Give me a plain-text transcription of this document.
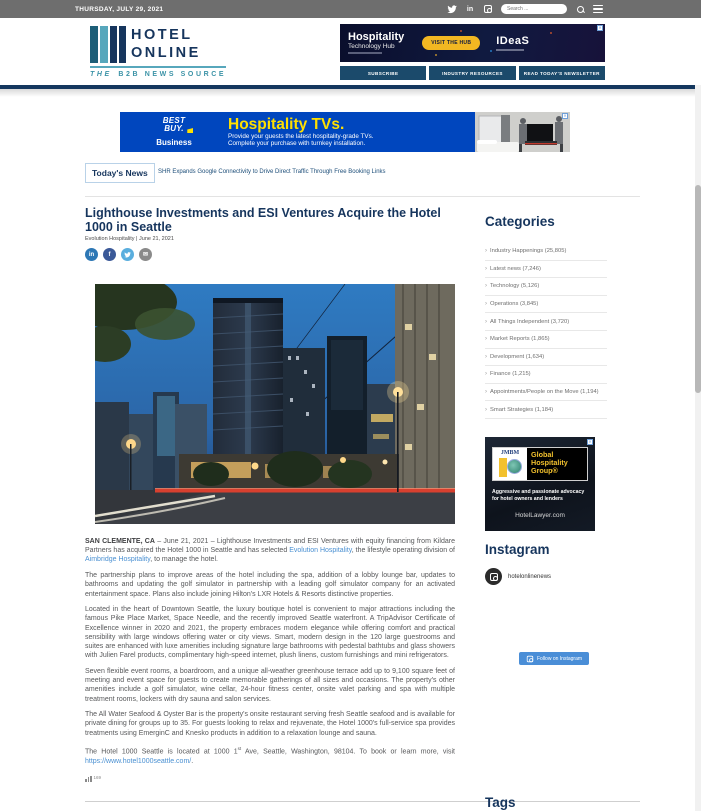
THURSDAY, JULY 29, 2021	in
Search ...
HOTEL
ONLINE
THE B2B NEWS SOURCE
Hospitality
Technology Hub	VISIT THE HUB	IDeaS
✕
SUBSCRIBE	INDUSTRY RESOURCES	READ TODAY'S NEWSLETTER
BEST
BUY.
Business
Hospitality TVs.
Provide your guests the latest hospitality-grade TVs.
Complete your purchase with turnkey installation.
✕
Today's News	SHR Expands Google Connectivity to Drive Direct Traffic Through Free Booking Links
Lighthouse Investments and ESI Ventures Acquire the Hotel 1000 in Seattle
Evolution Hospitality | June 21, 2021
in	f	✉

SAN CLEMENTE, CA – June 21, 2021 – Lighthouse Investments and ESI Ventures with equity financing from Kildare Partners has acquired the Hotel 1000 in Seattle and has selected Evolution Hospitality, the lifestyle operating division of Aimbridge Hospitality, to manage the hotel.

The partnership plans to improve areas of the hotel including the spa, addition of a lobby lounge bar, updates to bathrooms and updating the golf simulator in partnership with a leading golf simulator company for an activated entertainment space. Plans also include joining Hilton's LXR Hotels & Resorts distinctive properties.

Located in the heart of Downtown Seattle, the luxury boutique hotel is convenient to major attractions including the famous Pike Place Market, Space Needle, and the recently improved Seattle waterfront. A TripAdvisor Certificate of Excellence winner in 2020 and 2021, the property embraces modern elegance while offering comfort and practical sensibility with large windows offering water or city views. Smart, modern design in the 120 large guestrooms and suites are enhanced with luxe amenities including signature large bathrooms with pedestal bathtubs and glass showers with Julien Farel products, complimentary high-speed internet, plush linens, custom furnishings and mini refrigerators.

Seven flexible event rooms, a boardroom, and a unique all-weather greenhouse terrace add up to 9,100 square feet of meeting and event space for guests to create memorable gatherings of all sizes and occasions. The property's other amenities include a golf simulator, wine cellar, 24-hour fitness center, onsite valet parking and spa with multiple treatment rooms, lockers with dry sauna and salon services.

The All Water Seafood & Oyster Bar is the property's onsite restaurant serving fresh Seattle seafood and is available for private dining for groups up to 35. For guests looking to relax and rejuvenate, the Hotel 1000's full-service spa provides treatments using EmerginC and Knesko products in addition to a relaxation lounge and sauna.

The Hotel 1000 Seattle is located at 1000 1st Ave, Seattle, Washington, 98104. To book or learn more, visit https://www.hotel1000seattle.com/.

169
Categories
› Industry Happenings (25,805)
› Latest news (7,246)
› Technology (5,126)
› Operations (3,845)
› All Things Independent (3,720)
› Market Reports (1,865)
› Development (1,634)
› Finance (1,215)
› Appointments/People on the Move (1,194)
› Smart Strategies (1,184)
JMBM Global Hospitality Group®
Aggressive and passionate advocacy for hotel owners and lenders
HotelLawyer.com
✕
Instagram
hotelonlinenews
Follow on Instagram
Tags
